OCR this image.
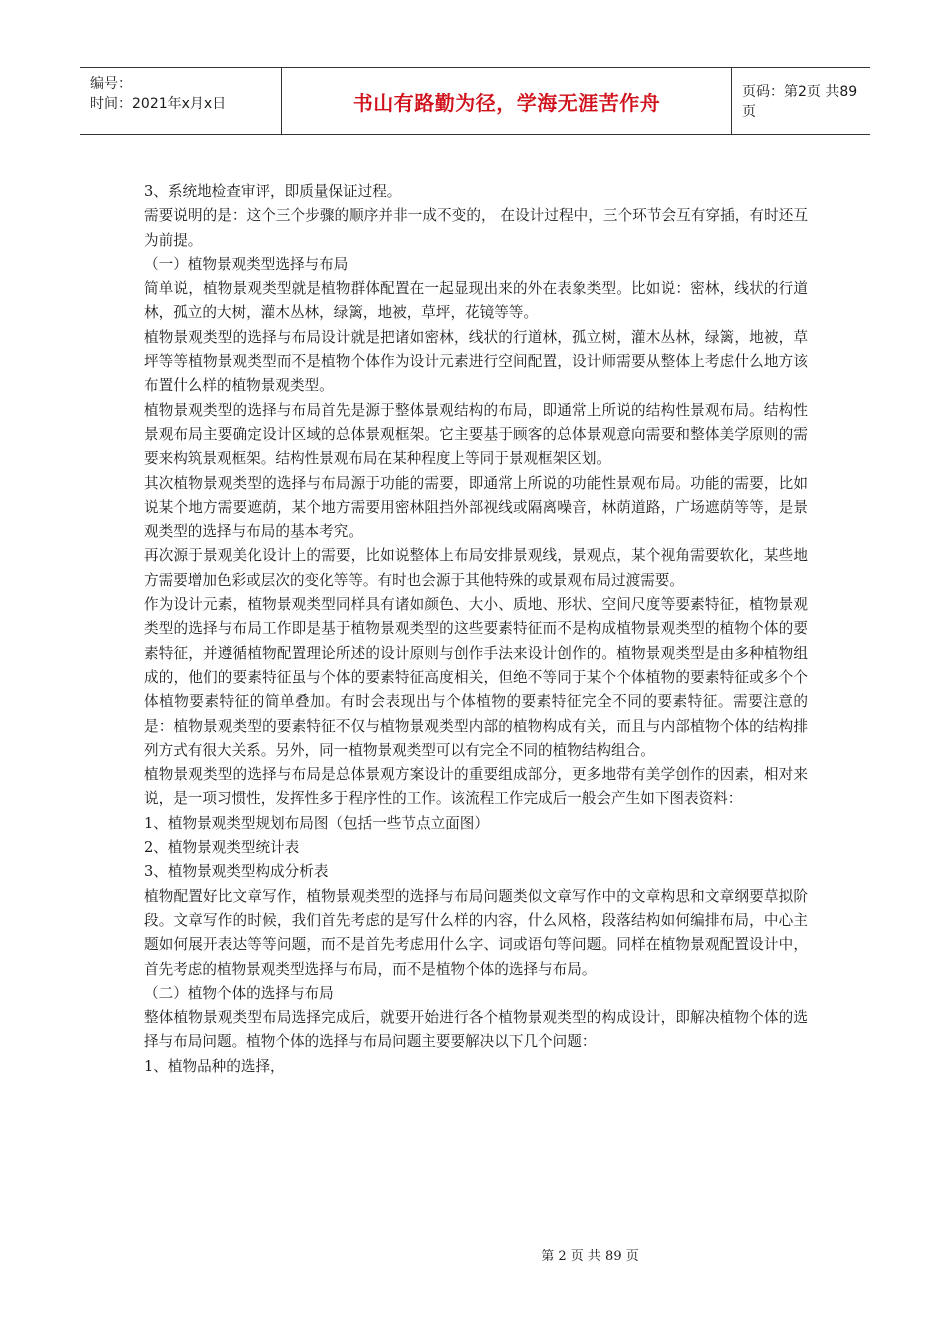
编号：
时间：2021年x月x日	书山有路勤为径，学海无涯苦作舟	页码：第2页 共89页

3、系统地检查审评，即质量保证过程。

需要说明的是：这个三个步骤的顺序并非一成不变的， 在设计过程中，三个环节会互有穿插，有时还互为前提。

（一）植物景观类型选择与布局

简单说，植物景观类型就是植物群体配置在一起显现出来的外在表象类型。比如说：密林，线状的行道林，孤立的大树，灌木丛林，绿篱，地被，草坪，花镜等等。

植物景观类型的选择与布局设计就是把诸如密林，线状的行道林，孤立树，灌木丛林，绿篱，地被，草坪等等植物景观类型而不是植物个体作为设计元素进行空间配置，设计师需要从整体上考虑什么地方该布置什么样的植物景观类型。

植物景观类型的选择与布局首先是源于整体景观结构的布局，即通常上所说的结构性景观布局。结构性景观布局主要确定设计区域的总体景观框架。它主要基于顾客的总体景观意向需要和整体美学原则的需要来构筑景观框架。结构性景观布局在某种程度上等同于景观框架区划。

其次植物景观类型的选择与布局源于功能的需要，即通常上所说的功能性景观布局。功能的需要，比如说某个地方需要遮荫，某个地方需要用密林阻挡外部视线或隔离噪音，林荫道路，广场遮荫等等，是景观类型的选择与布局的基本考究。

再次源于景观美化设计上的需要，比如说整体上布局安排景观线，景观点，某个视角需要软化，某些地方需要增加色彩或层次的变化等等。有时也会源于其他特殊的或景观布局过渡需要。

作为设计元素，植物景观类型同样具有诸如颜色、大小、质地、形状、空间尺度等要素特征，植物景观类型的选择与布局工作即是基于植物景观类型的这些要素特征而不是构成植物景观类型的植物个体的要素特征，并遵循植物配置理论所述的设计原则与创作手法来设计创作的。植物景观类型是由多种植物组成的，他们的要素特征虽与个体的要素特征高度相关，但绝不等同于某个个体植物的要素特征或多个个体植物要素特征的简单叠加。有时会表现出与个体植物的要素特征完全不同的要素特征。需要注意的是：植物景观类型的要素特征不仅与植物景观类型内部的植物构成有关，而且与内部植物个体的结构排列方式有很大关系。另外，同一植物景观类型可以有完全不同的植物结构组合。

植物景观类型的选择与布局是总体景观方案设计的重要组成部分，更多地带有美学创作的因素，相对来说，是一项习惯性，发挥性多于程序性的工作。该流程工作完成后一般会产生如下图表资料：

1、植物景观类型规划布局图（包括一些节点立面图）

2、植物景观类型统计表

3、植物景观类型构成分析表

植物配置好比文章写作，植物景观类型的选择与布局问题类似文章写作中的文章构思和文章纲要草拟阶段。文章写作的时候，我们首先考虑的是写什么样的内容，什么风格，段落结构如何编排布局，中心主题如何展开表达等等问题，而不是首先考虑用什么字、词或语句等问题。同样在植物景观配置设计中，首先考虑的植物景观类型选择与布局，而不是植物个体的选择与布局。

（二）植物个体的选择与布局

整体植物景观类型布局选择完成后，就要开始进行各个植物景观类型的构成设计，即解决植物个体的选择与布局问题。植物个体的选择与布局问题主要要解决以下几个问题：

1、植物品种的选择，

第 2 页 共 89 页
